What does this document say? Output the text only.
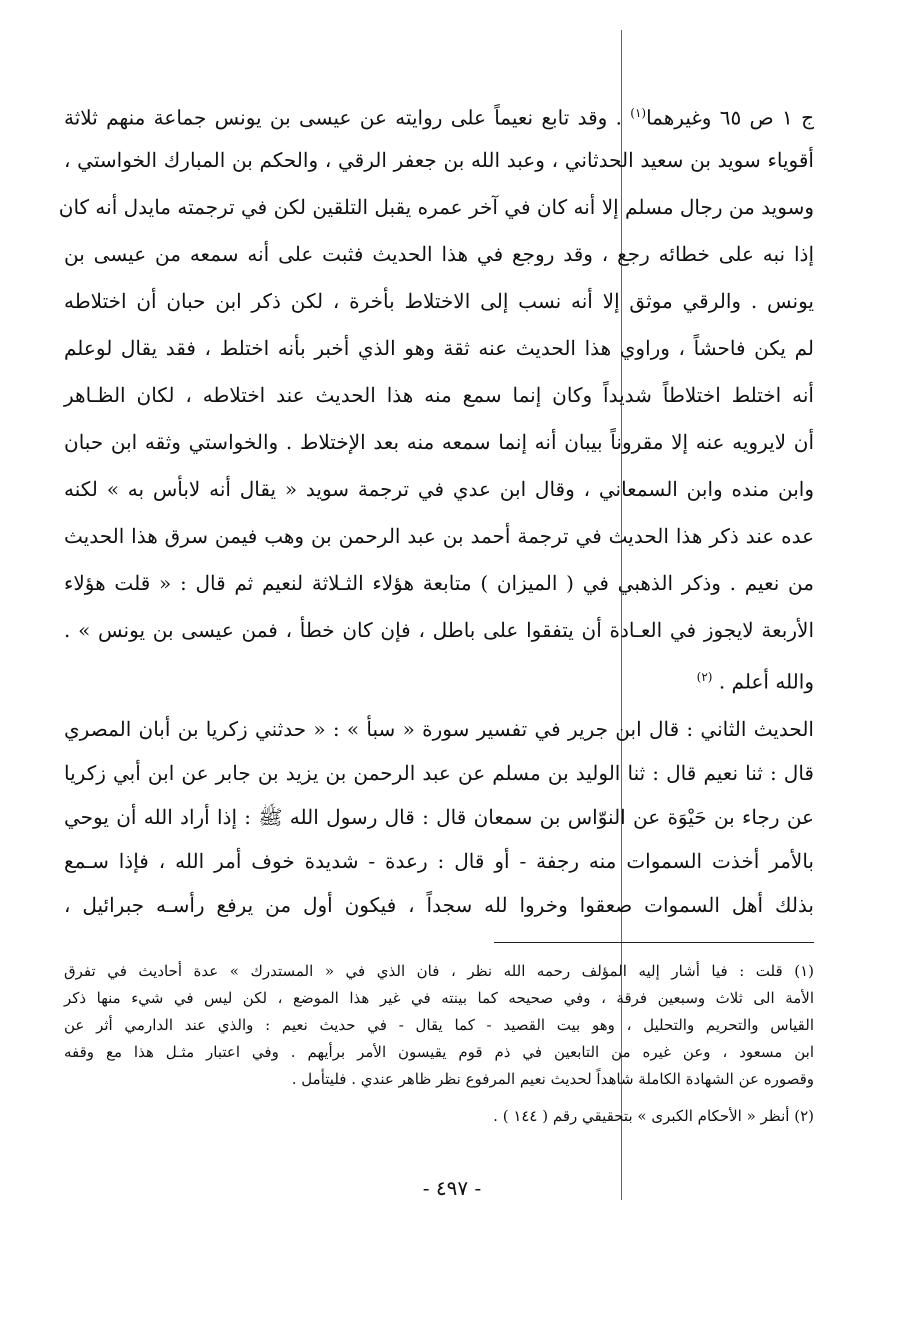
ج ١ ص ٦٥ وغيرهما$^{(١)}$ . وقد تابع نعيماً على روايته عن عيسى بن يونس جماعة منهم ثلاثة
أقوياء سويد بن سعيد الحدثاني ، وعبد الله بن جعفر الرقي ، والحكم بن المبارك الخواستي ،
وسويد من رجال مسلم إلا أنه كان في آخر عمره يقبل التلقين لكن في ترجمته مايدل أنه كان
إذا نبه على خطائه رجع ، وقد روجع في هذا الحديث فثبت على أنه سمعه من عيسى بن
يونس . والرقي موثق إلا أنه نسب إلى الاختلاط بأخرة ، لكن ذكر ابن حبان أن اختلاطه
لم يكن فاحشاً ، وراوي هذا الحديث عنه ثقة وهو الذي أخبر بأنه اختلط ، فقد يقال لوعلم
أنه اختلط اختلاطاً شديداً وكان إنما سمع منه هذا الحديث عند اختلاطه ، لكان الظـاهر
أن لايرويه عنه إلا مقروناً بيبان أنه إنما سمعه منه بعد الإختلاط . والخواستي وثقه ابن حبان
وابن منده وابن السمعاني ، وقال ابن عدي في ترجمة سويد « يقال أنه لابأس به » لكنه
عده عند ذكر هذا الحديث في ترجمة أحمد بن عبد الرحمن بن وهب فيمن سرق هذا الحديث
من نعيم . وذكر الذهبي في ( الميزان ) متابعة هؤلاء الثـلاثة لنعيم ثم قال : « قلت هؤلاء
الأربعة لايجوز في العـادة أن يتفقوا على باطل ، فإن كان خطأ ، فمن عيسى بن يونس » .
والله أعلم . $^{(٢)}$
الحديث الثاني : قال ابن جرير في تفسير سورة « سبأ » : « حدثني زكريا بن أبان المصري
قال : ثنا نعيم قال : ثنا الوليد بن مسلم عن عبد الرحمن بن يزيد بن جابر عن ابن أبي زكريا
عن رجاء بن حَيْوَة عن النوّاس بن سمعان قال : قال رسول الله ﷺ : إذا أراد الله أن يوحي
بالأمر أخذت السموات منه رجفة - أو قال : رعدة - شديدة خوف أمر الله ، فإذا سـمع
بذلك أهل السموات صعقوا وخروا لله سجداً ، فيكون أول من يرفع رأسـه جبرائيل ،
(١) قلت : فيا أشار إليه المؤلف رحمه الله نظر ، فان الذي في « المستدرك » عدة أحاديث في تفرق
الأمة الى ثلاث وسبعين فرقة ، وفي صحيحه كما بينته في غير هذا الموضع ، لكن ليس في شيء منها ذكر
القياس والتحريم والتحليل ، وهو بيت القصيد - كما يقال - في حديث نعيم : والذي عند الدارمي أثر عن
ابن مسعود ، وعن غيره من التابعين في ذم قوم يقيسون الأمر برأيهم . وفي اعتبار مثـل هذا مع وقفه
وقصوره عن الشهادة الكاملة شاهداً لحديث نعيم المرفوع نظر ظاهر عندي . فليتأمل .
(٢) أنظر « الأحكام الكبرى » بتحقيقي رقم ( ١٤٤ ) .
- ٤٩٧ -
